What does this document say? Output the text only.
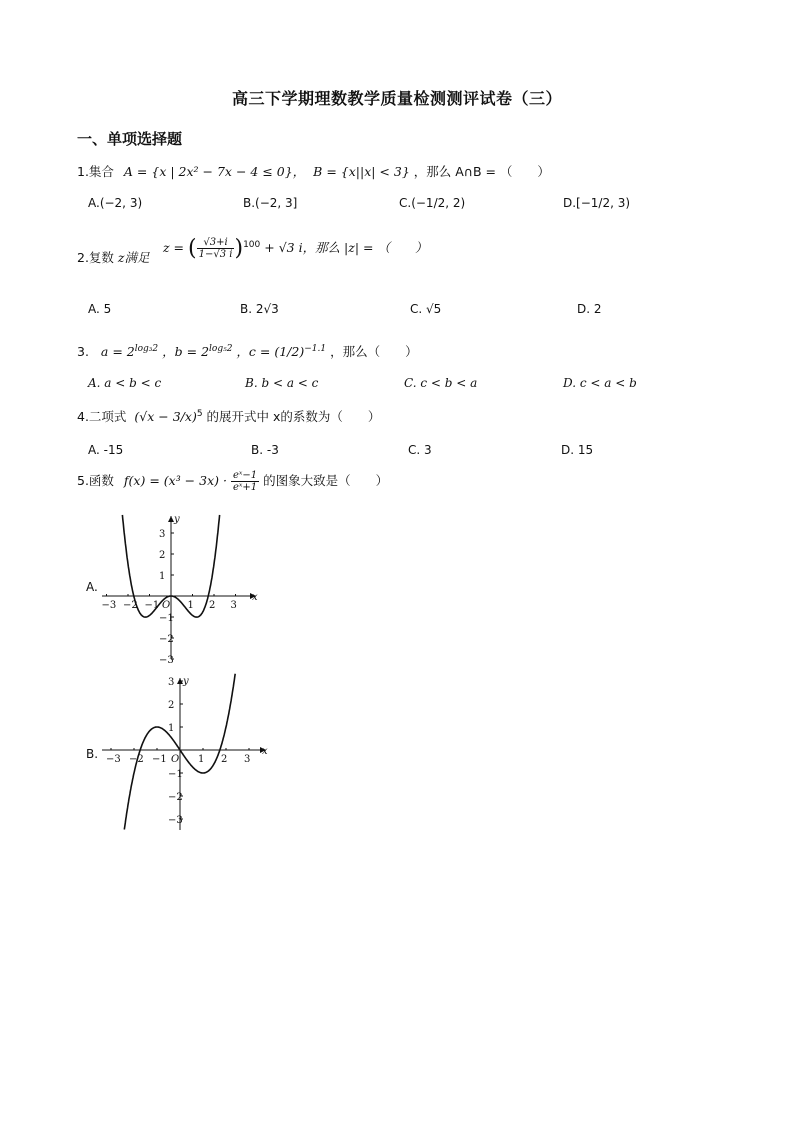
高三下学期理数教学质量检测测评试卷（三）
一、单项选择题
1.集合 A = {x | 2x² − 7x − 4 ≤ 0}， B = {x||x| < 3} ，那么 A∩B = （　　）
A.(−2, 3)	B.(−2, 3]	C.(−1/2, 2)	D.[−1/2, 3)
2.复数 z满足
z = ( $\frac{√3+i}{1-√3 i} )^{100} + √3$ i，那么 |z| = （　　）
A. 5	B. 2√3	C. √5	D. 2
3. $a = 2^{log_32}$ ，$b = 2^{log_52}$ ，$c = (1/2)^{-1.1}$ ，那么（　　）
A. a < b < c	B. b < a < c	C. c < b < a	D. c < a < b
4.二项式 $(√x - 3/x)^5$ 的展开式中 x的系数为（　　）
A. -15	B. -3	C. 3	D. 15
5.函数 $f(x) = (x^3 - 3x) \cdot \frac{\text{eˣ−1}}{\text{eˣ+1}}$ 的图象大致是（　　）
A.
−3 −2 −1	1 2 3
3
2
1
−1
−2
−3
x
y
O
B. −3 −2 −1	1 2 3
3
2
1
−1
−2
−3
x
y
O
